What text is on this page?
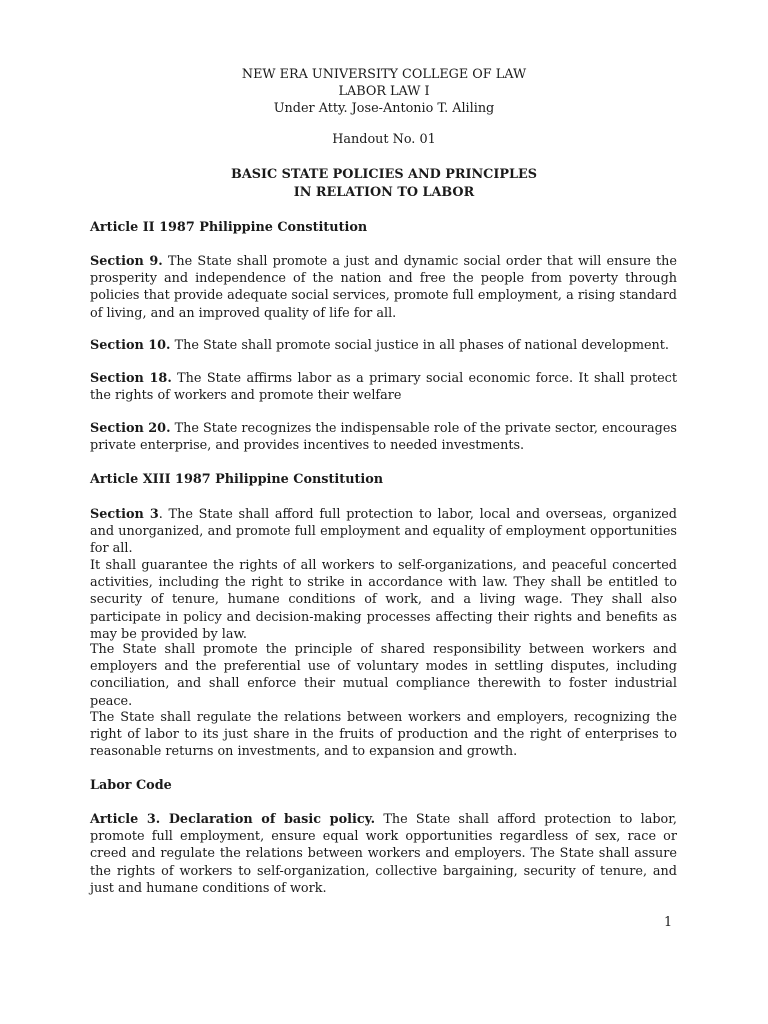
NEW ERA UNIVERSITY COLLEGE OF LAW
LABOR LAW I
Under Atty. Jose-Antonio T. Aliling
Handout No. 01
BASIC STATE POLICIES AND PRINCIPLES
IN RELATION TO LABOR
Article II 1987 Philippine Constitution
Section 9. The State shall promote a just and dynamic social order that will ensure the prosperity and independence of the nation and free the people from poverty through policies that provide adequate social services, promote full employment, a rising standard of living, and an improved quality of life for all.
Section 10. The State shall promote social justice in all phases of national development.
Section 18. The State affirms labor as a primary social economic force. It shall protect the rights of workers and promote their welfare
Section 20. The State recognizes the indispensable role of the private sector, encourages private enterprise, and provides incentives to needed investments.
Article XIII 1987 Philippine Constitution
Section 3. The State shall afford full protection to labor, local and overseas, organized and unorganized, and promote full employment and equality of employment opportunities for all.
It shall guarantee the rights of all workers to self-organizations, and peaceful concerted activities, including the right to strike in accordance with law. They shall be entitled to security of tenure, humane conditions of work, and a living wage. They shall also participate in policy and decision-making processes affecting their rights and benefits as may be provided by law.
The State shall promote the principle of shared responsibility between workers and employers and the preferential use of voluntary modes in settling disputes, including conciliation, and shall enforce their mutual compliance therewith to foster industrial peace.
The State shall regulate the relations between workers and employers, recognizing the right of labor to its just share in the fruits of production and the right of enterprises to reasonable returns on investments, and to expansion and growth.
Labor Code
Article 3. Declaration of basic policy. The State shall afford protection to labor, promote full employment, ensure equal work opportunities regardless of sex, race or creed and regulate the relations between workers and employers. The State shall assure the rights of workers to self-organization, collective bargaining, security of tenure, and just and humane conditions of work.
1
